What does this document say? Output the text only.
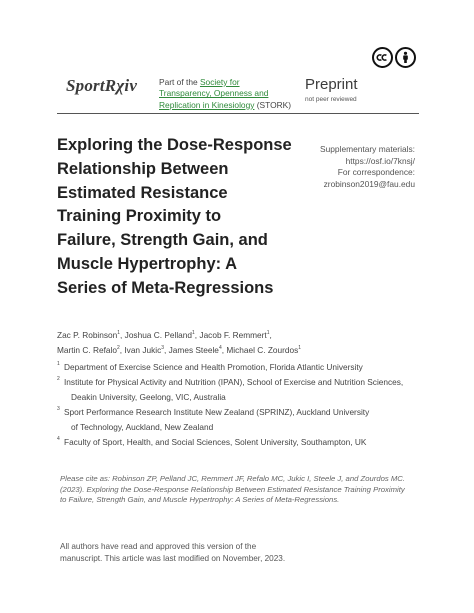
SportRχiv	Part of the Society for Transparency, Openness and Replication in Kinesiology (STORK)
Preprint
not peer reviewed
Exploring the Dose-Response
Relationship Between
Estimated Resistance
Training Proximity to
Failure, Strength Gain, and
Muscle Hypertrophy: A
Series of Meta-Regressions
Supplementary materials:
https://osf.io/7knsj/
For correspondence:
zrobinson2019@fau.edu
Zac P. Robinson$^1$, Joshua C. Pelland$^1$, Jacob F. Remmert$^1$,
Martin C. Refalo$^2$, Ivan Jukic$^3$, James Steele$^4$, Michael C. Zourdos$^1$
1 Department of Exercise Science and Health Promotion, Florida Atlantic University
2 Institute for Physical Activity and Nutrition (IPAN), School of Exercise and Nutrition Sciences,
Deakin University, Geelong, VIC, Australia
3 Sport Performance Research Institute New Zealand (SPRINZ), Auckland University
of Technology, Auckland, New Zealand
4 Faculty of Sport, Health, and Social Sciences, Solent University, Southampton, UK
Please cite as: Robinson ZP, Pelland JC, Remmert JF, Refalo MC, Jukic I, Steele J, and Zourdos MC. (2023). Exploring the Dose-Response Relationship Between Estimated Resistance Training Proximity to Failure, Strength Gain, and Muscle Hypertrophy: A Series of Meta-Regressions.
All authors have read and approved this version of the manuscript. This article was last modified on November, 2023.
